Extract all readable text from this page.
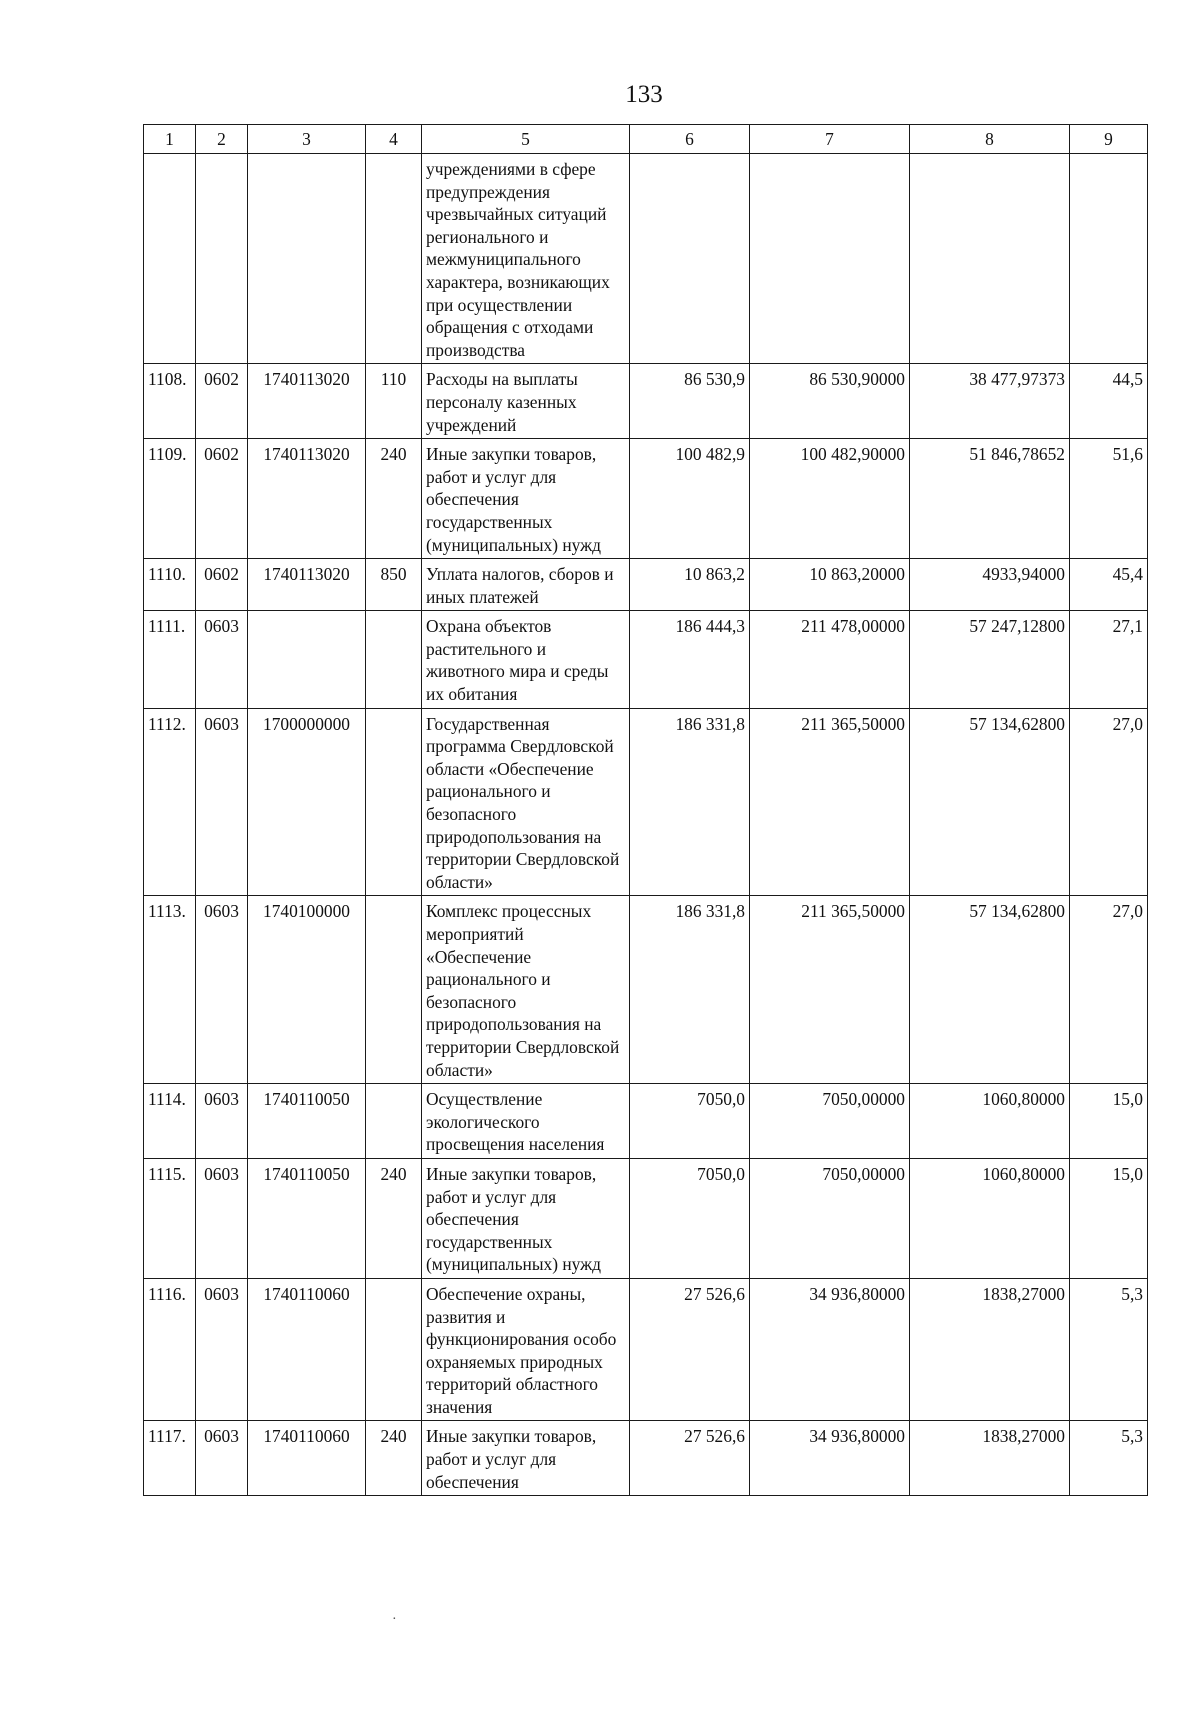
133
1	2	3	4	5	6	7	8	9
				учреждениями в сфере предупреждения чрезвычайных ситуаций регионального и межмуниципального характера, возникающих при осуществлении обращения с отходами производства				
1108.	0602	1740113020	110	Расходы на выплаты персоналу казенных учреждений	86 530,9	86 530,90000	38 477,97373	44,5
1109.	0602	1740113020	240	Иные закупки товаров, работ и услуг для обеспечения государственных (муниципальных) нужд	100 482,9	100 482,90000	51 846,78652	51,6
1110.	0602	1740113020	850	Уплата налогов, сборов и иных платежей	10 863,2	10 863,20000	4933,94000	45,4
1111.	0603			Охрана объектов растительного и животного мира и среды их обитания	186 444,3	211 478,00000	57 247,12800	27,1
1112.	0603	1700000000		Государственная программа Свердловской области «Обеспечение рационального и безопасного природопользования на территории Свердловской области»	186 331,8	211 365,50000	57 134,62800	27,0
1113.	0603	1740100000		Комплекс процессных мероприятий «Обеспечение рационального и безопасного природопользования на территории Свердловской области»	186 331,8	211 365,50000	57 134,62800	27,0
1114.	0603	1740110050		Осуществление экологического просвещения населения	7050,0	7050,00000	1060,80000	15,0
1115.	0603	1740110050	240	Иные закупки товаров, работ и услуг для обеспечения государственных (муниципальных) нужд	7050,0	7050,00000	1060,80000	15,0
1116.	0603	1740110060		Обеспечение охраны, развития и функционирования особо охраняемых природных территорий областного значения	27 526,6	34 936,80000	1838,27000	5,3
1117.	0603	1740110060	240	Иные закупки товаров, работ и услуг для обеспечения	27 526,6	34 936,80000	1838,27000	5,3
·
